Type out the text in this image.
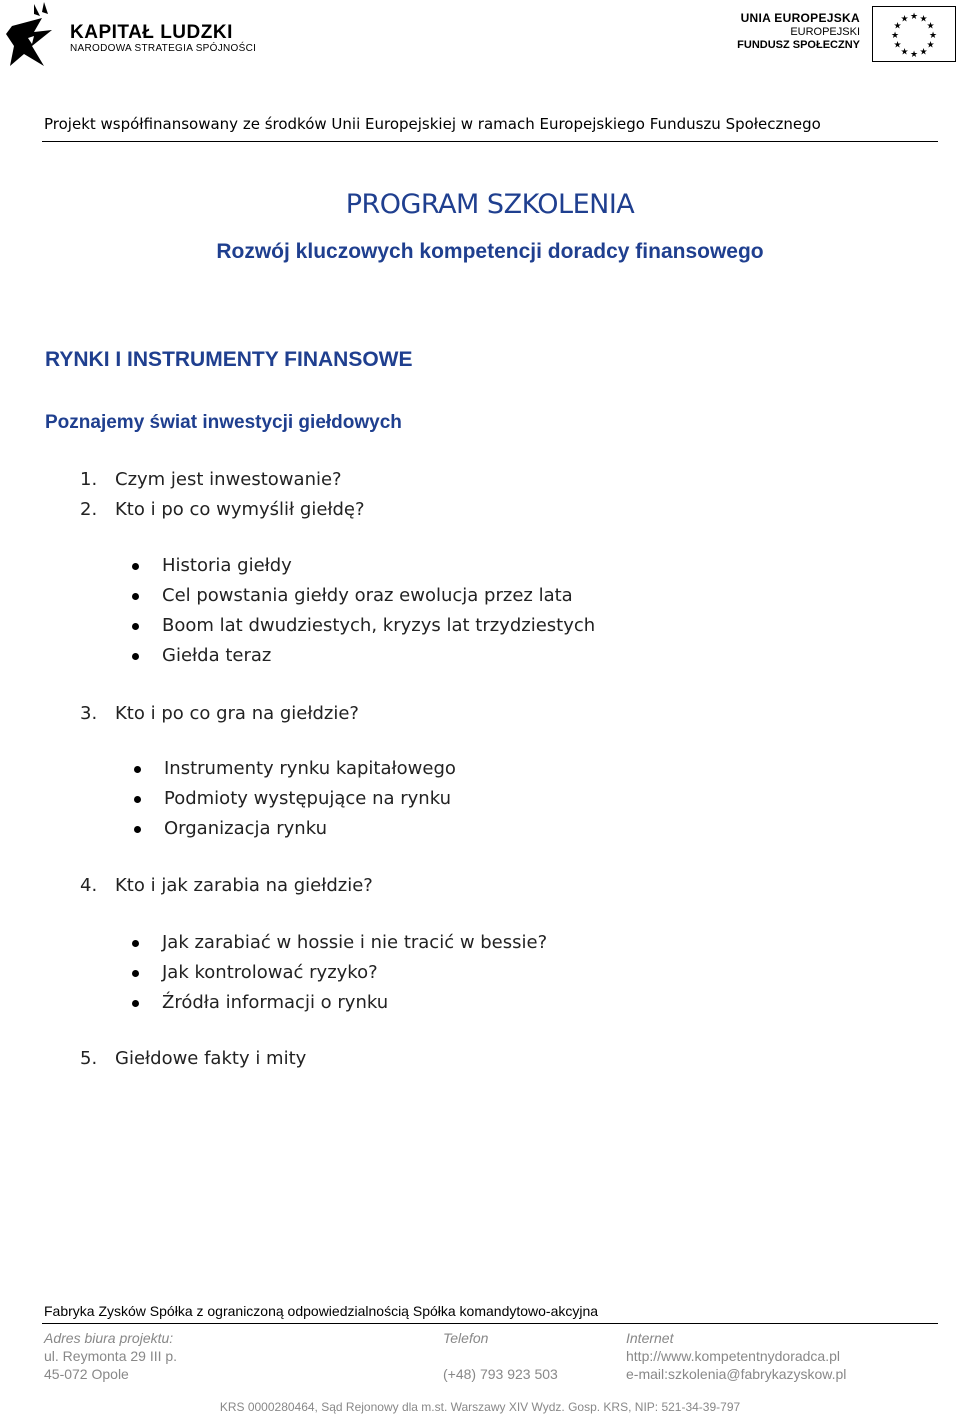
KAPITAŁ LUDZKI
NARODOWA STRATEGIA SPÓJNOŚCI
UNIA EUROPEJSKA
EUROPEJSKI
FUNDUSZ SPOŁECZNY
★ ★
★
★
★
★
★
★
★
★
★
★
Projekt współfinansowany ze środków Unii Europejskiej w ramach Europejskiego Funduszu Społecznego
PROGRAM SZKOLENIA
Rozwój kluczowych kompetencji doradcy finansowego
RYNKI I INSTRUMENTY FINANSOWE
Poznajemy świat inwestycji giełdowych
1. Czym jest inwestowanie?
2. Kto i po co wymyślił giełdę?
Historia giełdy
Cel powstania giełdy oraz ewolucja przez lata
Boom lat dwudziestych, kryzys lat trzydziestych
Giełda teraz
3. Kto i po co gra na giełdzie?
Instrumenty rynku kapitałowego
Podmioty występujące na rynku
Organizacja rynku
4. Kto i jak zarabia na giełdzie?
Jak zarabiać w hossie i nie tracić w bessie?
Jak kontrolować ryzyko?
Źródła informacji o rynku
5. Giełdowe fakty i mity
Fabryka Zysków Spółka z ograniczoną odpowiedzialnością Spółka komandytowo-akcyjna
Adres biura projektu:
ul. Reymonta 29 III p.
45-072 Opole
Telefon

(+48) 793 923 503
Internet
http://www.kompetentnydoradca.pl
e-mail:szkolenia@fabrykazyskow.pl
KRS 0000280464, Sąd Rejonowy dla m.st. Warszawy XIV Wydz. Gosp. KRS, NIP: 521-34-39-797
